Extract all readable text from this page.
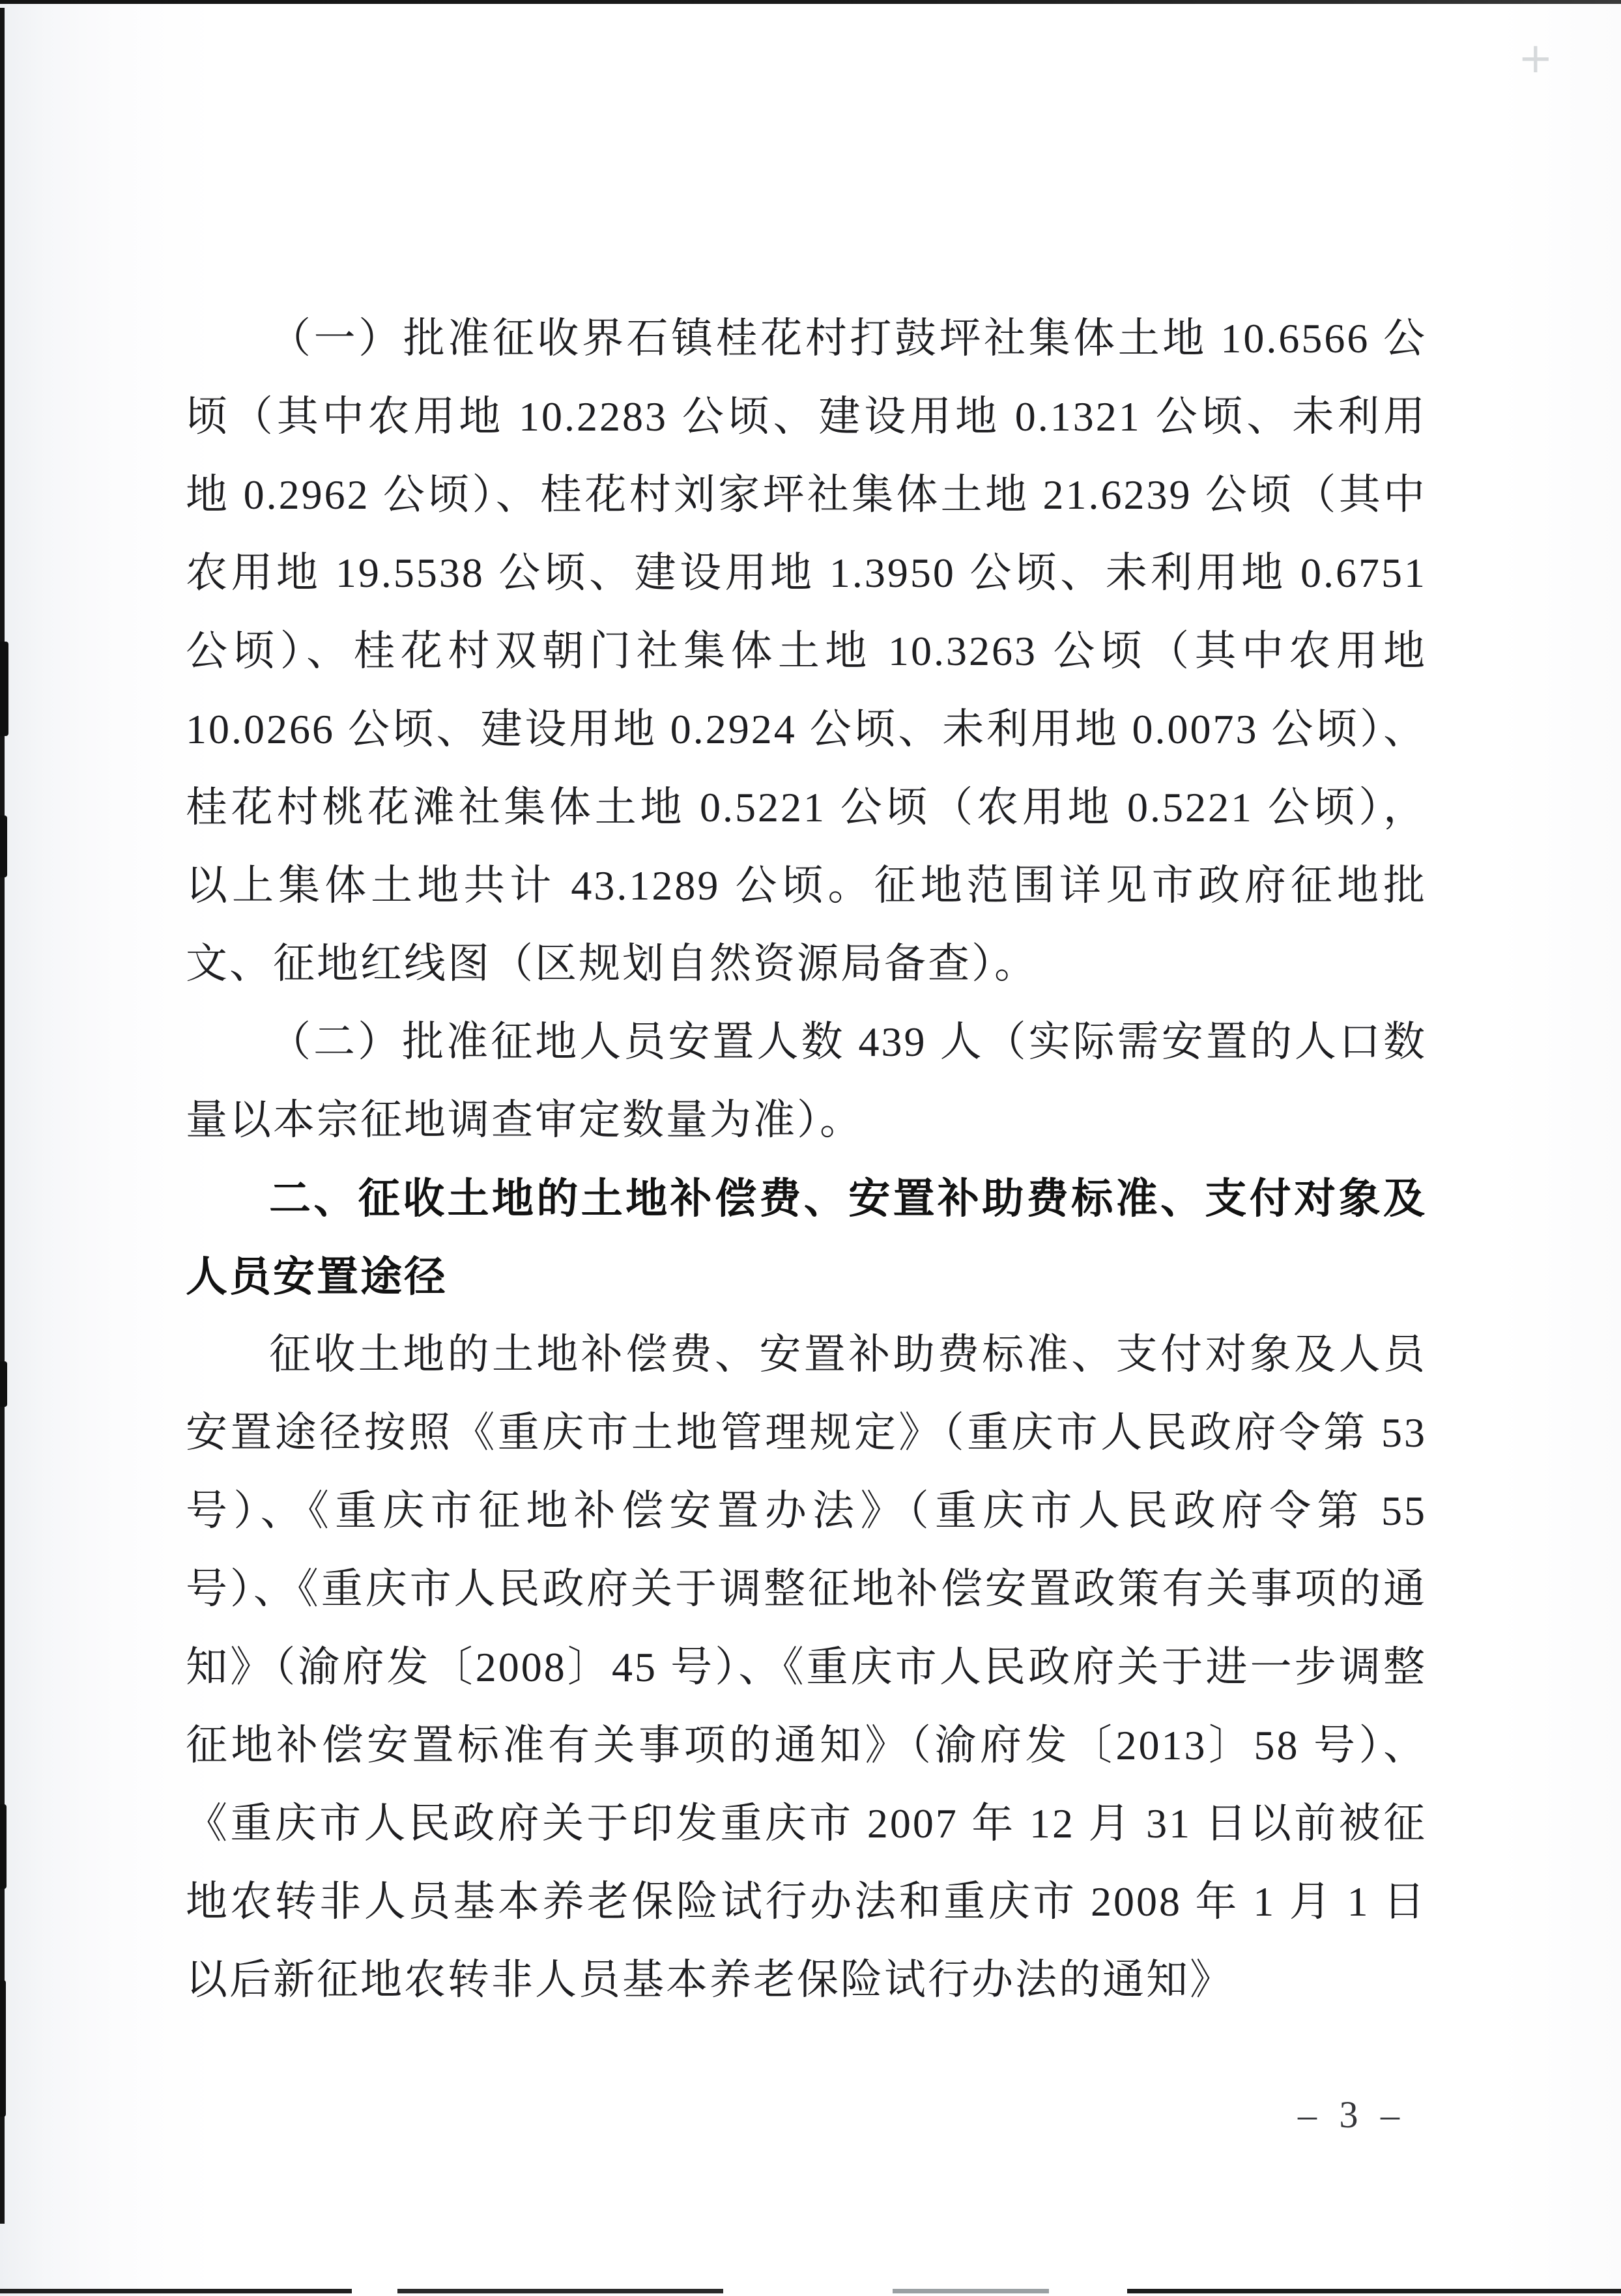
+

（一）批准征收界石镇桂花村打鼓坪社集体土地 10.6566 公顷（其中农用地 10.2283 公顷、建设用地 0.1321 公顷、未利用地 0.2962 公顷）、桂花村刘家坪社集体土地 21.6239 公顷（其中农用地 19.5538 公顷、建设用地 1.3950 公顷、未利用地 0.6751 公顷）、桂花村双朝门社集体土地 10.3263 公顷（其中农用地 10.0266 公顷、建设用地 0.2924 公顷、未利用地 0.0073 公顷）、桂花村桃花滩社集体土地 0.5221 公顷（农用地 0.5221 公顷），以上集体土地共计 43.1289 公顷。征地范围详见市政府征地批文、征地红线图（区规划自然资源局备查）。

（二）批准征地人员安置人数 439 人（实际需安置的人口数量以本宗征地调查审定数量为准）。

二、征收土地的土地补偿费、安置补助费标准、支付对象及人员安置途径

征收土地的土地补偿费、安置补助费标准、支付对象及人员安置途径按照《重庆市土地管理规定》（重庆市人民政府令第 53 号）、《重庆市征地补偿安置办法》（重庆市人民政府令第 55 号）、《重庆市人民政府关于调整征地补偿安置政策有关事项的通知》（渝府发〔2008〕45 号）、《重庆市人民政府关于进一步调整征地补偿安置标准有关事项的通知》（渝府发〔2013〕58 号）、《重庆市人民政府关于印发重庆市 2007 年 12 月 31 日以前被征地农转非人员基本养老保险试行办法和重庆市 2008 年 1 月 1 日以后新征地农转非人员基本养老保险试行办法的通知》

– 3 –
